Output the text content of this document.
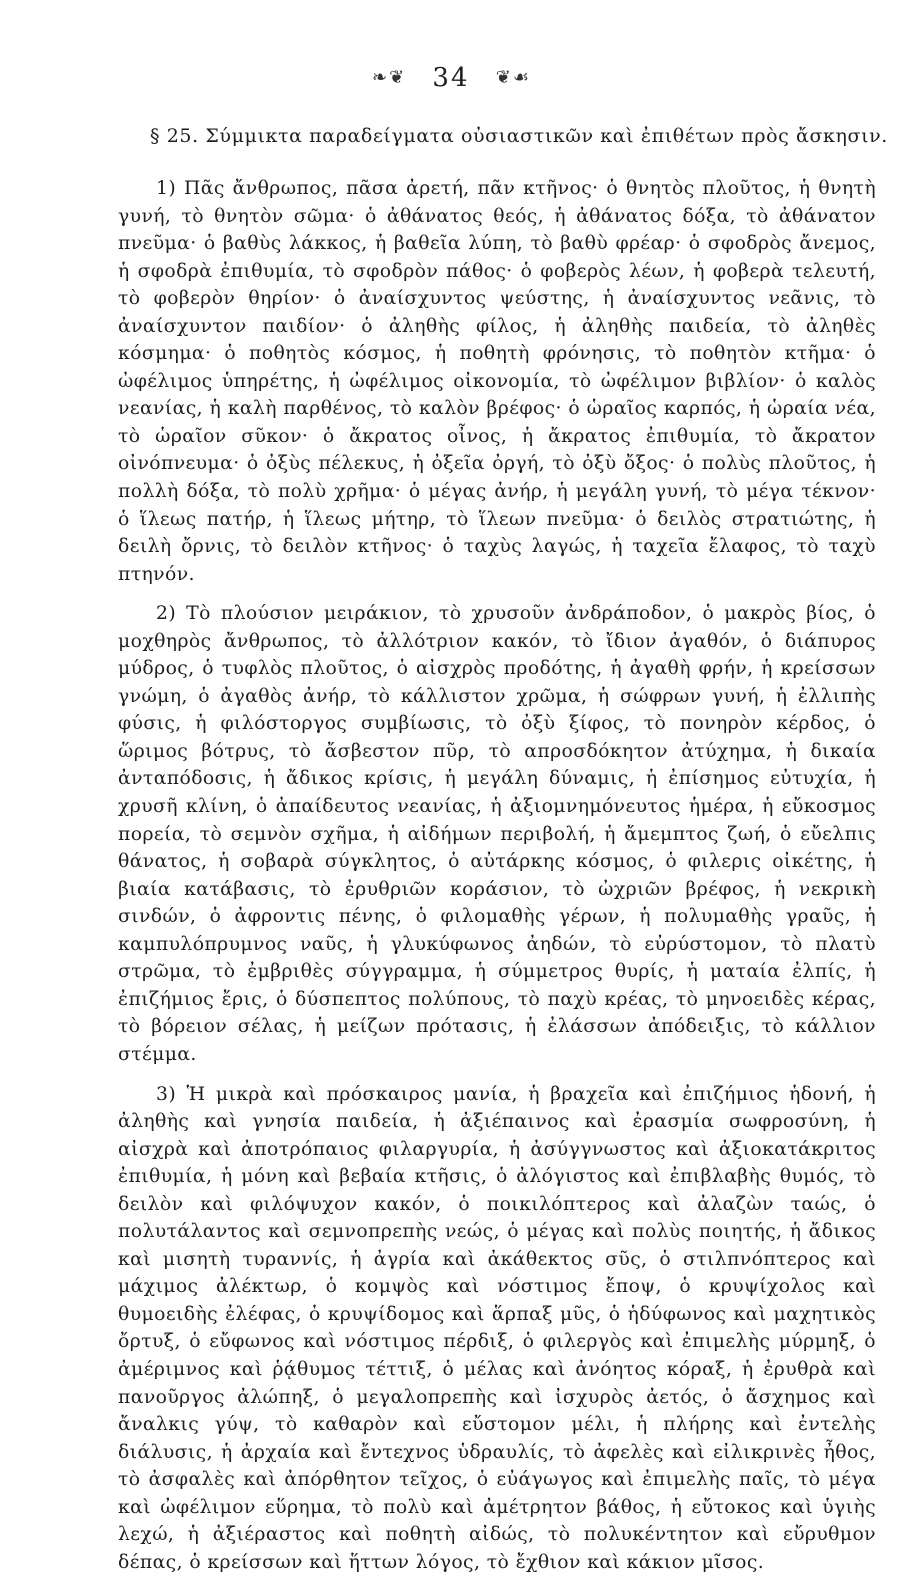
❧❦ 34 ❦☙
§ 25. Σύμμικτα παραδείγματα οὐσιαστικῶν καὶ ἐπιθέτων πρὸς ἄσκησιν.

1) Πᾶς ἄνθρωπος, πᾶσα ἀρετή, πᾶν κτῆνος· ὁ θνητὸς πλοῦτος, ἡ θνητὴ γυνή, τὸ θνητὸν σῶμα· ὁ ἀθάνατος θεός, ἡ ἀθάνατος δόξα, τὸ ἀθάνατον πνεῦμα· ὁ βαθὺς λάκκος, ἡ βαθεῖα λύπη, τὸ βαθὺ φρέαρ· ὁ σφοδρὸς ἄνεμος, ἡ σφοδρὰ ἐπιθυμία, τὸ σφοδρὸν πάθος· ὁ φοβερὸς λέων, ἡ φοβερὰ τελευτή, τὸ φοβερὸν θηρίον· ὁ ἀναίσχυντος ψεύστης, ἡ ἀναίσχυντος νεᾶνις, τὸ ἀναίσχυντον παιδίον· ὁ ἀληθὴς φίλος, ἡ ἀληθὴς παιδεία, τὸ ἀληθὲς κόσμημα· ὁ ποθητὸς κόσμος, ἡ ποθητὴ φρόνησις, τὸ ποθητὸν κτῆμα· ὁ ὠφέλιμος ὑπηρέτης, ἡ ὠφέλιμος οἰκονομία, τὸ ὠφέλιμον βιβλίον· ὁ καλὸς νεανίας, ἡ καλὴ παρθένος, τὸ καλὸν βρέφος· ὁ ὡραῖος καρπός, ἡ ὡραία νέα, τὸ ὡραῖον σῦκον· ὁ ἄκρατος οἶνος, ἡ ἄκρατος ἐπιθυμία, τὸ ἄκρατον οἰνόπνευμα· ὁ ὀξὺς πέλεκυς, ἡ ὀξεῖα ὀργή, τὸ ὀξὺ ὄξος· ὁ πολὺς πλοῦτος, ἡ πολλὴ δόξα, τὸ πολὺ χρῆμα· ὁ μέγας ἀνήρ, ἡ μεγάλη γυνή, τὸ μέγα τέκνον· ὁ ἵλεως πατήρ, ἡ ἵλεως μήτηρ, τὸ ἵλεων πνεῦμα· ὁ δειλὸς στρατιώτης, ἡ δειλὴ ὄρνις, τὸ δειλὸν κτῆνος· ὁ ταχὺς λαγώς, ἡ ταχεῖα ἔλαφος, τὸ ταχὺ πτηνόν.

2) Τὸ πλούσιον μειράκιον, τὸ χρυσοῦν ἀνδράποδον, ὁ μακρὸς βίος, ὁ μοχθηρὸς ἄνθρωπος, τὸ ἀλλότριον κακόν, τὸ ἴδιον ἀγαθόν, ὁ διάπυρος μύδρος, ὁ τυφλὸς πλοῦτος, ὁ αἰσχρὸς προδότης, ἡ ἀγαθὴ φρήν, ἡ κρείσσων γνώμη, ὁ ἀγαθὸς ἀνήρ, τὸ κάλλιστον χρῶμα, ἡ σώφρων γυνή, ἡ ἐλλιπὴς φύσις, ἡ φιλόστοργος συμβίωσις, τὸ ὀξὺ ξίφος, τὸ πονηρὸν κέρδος, ὁ ὥριμος βότρυς, τὸ ἄσβεστον πῦρ, τὸ απροσδόκητον ἀτύχημα, ἡ δικαία ἀνταπόδοσις, ἡ ἄδικος κρίσις, ἡ μεγάλη δύναμις, ἡ ἐπίσημος εὐτυχία, ἡ χρυσῆ κλίνη, ὁ ἀπαίδευτος νεανίας, ἡ ἀξιομνημόνευτος ἡμέρα, ἡ εὔκοσμος πορεία, τὸ σεμνὸν σχῆμα, ἡ αἰδήμων περιβολή, ἡ ἄμεμπτος ζωή, ὁ εὔελπις θάνατος, ἡ σοβαρὰ σύγκλητος, ὁ αὐτάρκης κόσμος, ὁ φιλερις οἰκέτης, ἡ βιαία κατάβασις, τὸ ἐρυθριῶν κοράσιον, τὸ ὠχριῶν βρέφος, ἡ νεκρικὴ σινδών, ὁ ἀφροντις πένης, ὁ φιλομαθὴς γέρων, ἡ πολυμαθὴς γραῦς, ἡ καμπυλόπρυμνος ναῦς, ἡ γλυκύφωνος ἀηδών, τὸ εὐρύστομον, τὸ πλατὺ στρῶμα, τὸ ἐμβριθὲς σύγγραμμα, ἡ σύμμετρος θυρίς, ἡ ματαία ἐλπίς, ἡ ἐπιζήμιος ἔρις, ὁ δύσπεπτος πολύπους, τὸ παχὺ κρέας, τὸ μηνοειδὲς κέρας, τὸ βόρειον σέλας, ἡ μείζων πρότασις, ἡ ἐλάσσων ἀπόδειξις, τὸ κάλλιον στέμμα.

3) Ἡ μικρὰ καὶ πρόσκαιρος μανία, ἡ βραχεῖα καὶ ἐπιζήμιος ἡδονή, ἡ ἀληθὴς καὶ γνησία παιδεία, ἡ ἀξιέπαινος καὶ ἐρασμία σωφροσύνη, ἡ αἰσχρὰ καὶ ἀποτρόπαιος φιλαργυρία, ἡ ἀσύγγνωστος καὶ ἀξιοκατάκριτος ἐπιθυμία, ἡ μόνη καὶ βεβαία κτῆσις, ὁ ἀλόγιστος καὶ ἐπιβλαβὴς θυμός, τὸ δειλὸν καὶ φιλόψυχον κακόν, ὁ ποικιλόπτερος καὶ ἀλαζὼν ταώς, ὁ πολυτάλαντος καὶ σεμνοπρεπὴς νεώς, ὁ μέγας καὶ πολὺς ποιητής, ἡ ἄδικος καὶ μισητὴ τυραννίς, ἡ ἀγρία καὶ ἀκάθεκτος σῦς, ὁ στιλπνόπτερος καὶ μάχιμος ἀλέκτωρ, ὁ κομψὸς καὶ νόστιμος ἔποψ, ὁ κρυψίχολος καὶ θυμοειδὴς ἐλέφας, ὁ κρυψίδομος καὶ ἅρπαξ μῦς, ὁ ἡδύφωνος καὶ μαχητικὸς ὄρτυξ, ὁ εὔφωνος καὶ νόστιμος πέρδιξ, ὁ φιλεργὸς καὶ ἐπιμελὴς μύρμηξ, ὁ ἀμέριμνος καὶ ῥᾴθυμος τέττιξ, ὁ μέλας καὶ ἀνόητος κόραξ, ἡ ἐρυθρὰ καὶ πανοῦργος ἀλώπηξ, ὁ μεγαλοπρεπὴς καὶ ἰσχυρὸς ἀετός, ὁ ἄσχημος καὶ ἄναλκις γύψ, τὸ καθαρὸν καὶ εὔστομον μέλι, ἡ πλήρης καὶ ἐντελὴς διάλυσις, ἡ ἀρχαία καὶ ἔντεχνος ὑδραυλίς, τὸ ἀφελὲς καὶ εἰλικρινὲς ἦθος, τὸ ἀσφαλὲς καὶ ἀπόρθητον τεῖχος, ὁ εὐάγωγος καὶ ἐπιμελὴς παῖς, τὸ μέγα καὶ ὠφέλιμον εὕρημα, τὸ πολὺ καὶ ἀμέτρητον βάθος, ἡ εὔτοκος καὶ ὑγιὴς λεχώ, ἡ ἀξιέραστος καὶ ποθητὴ αἰδώς, τὸ πολυκέντητον καὶ εὔρυθμον δέπας, ὁ κρείσσων καὶ ἥττων λόγος, τὸ ἔχθιον καὶ κάκιον μῖσος.
